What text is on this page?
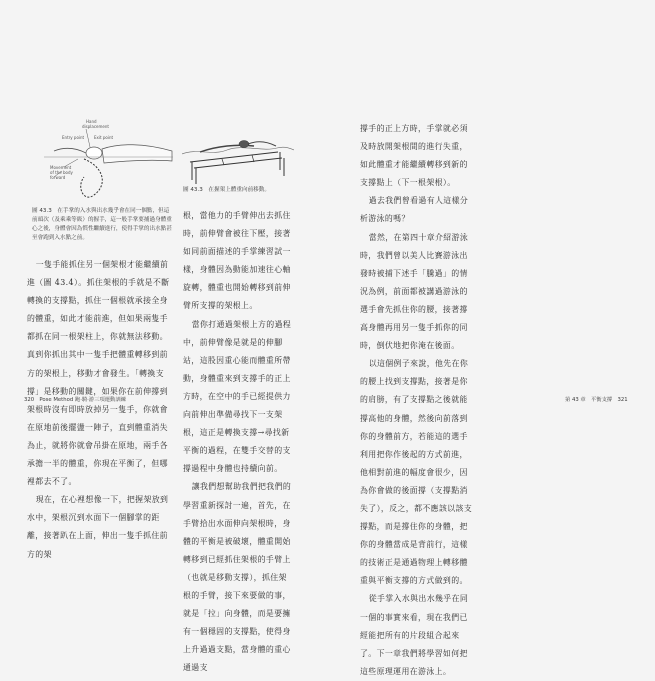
Hand
displacement
Entry point Exit point
Movement
of the body
forward
圖 43.3　在手掌的入水與出水幾乎會在同一個點，但這前頭次（及乘乘等級）的握手，這一般手掌要捕過身體重心之後，身體會因為慣性繼續進行，使得手掌的出水點甚至會跑到入水點之前。
圖 43.3　在握架上體重向前移動。

一隻手能抓住另一個架根才能繼續前進（圖 43.4）。抓住架根的手就是不斷轉換的支撐點，抓住一個根就承接全身的體重，如此才能前進，但如果兩隻手都抓在同一根架柱上，你就無法移動。真到你抓出其中一隻手把體重轉移到前方的架根上，移動才會發生。「轉換支撐」是移動的關鍵，如果你在前伸撐到架根時沒有即時放掉另一隻手，你就會在原地前後擺盪一陣子，直到體重消失為止，就將你就會吊掛在原地，兩手各承擔一半的體重，你現在平衡了，但哪裡都去不了。

現在，在心裡想像一下，把握架放到水中，架根沉到水面下一個腳掌的距離，接著趴在上面，伸出一隻手抓住前方的架

根，當他力的手臂伸出去抓住時，前伸臂會被往下壓，接著如同前面描述的手掌練習試一樣，身體因為動能加速往心軸旋轉，體重也開始轉移到前伸臂所支撐的架根上。

當你打通過架根上方的過程中，前伸臂像是就是的伸腳站，這股因重心能而體重所帶動，身體重來到支撐手的正上方時，在空中的手已經提供力向前伸出準備尋找下一支架根，這正是轉換支撐→尋找新平衡的過程，在雙手交替的支撐過程中身體也持續向前。

讓我們想幫助我們把我們的學習重新探討一遍，首先，在手臂拾出水面伸向架根時，身體的平衡是被破壞，體重開始轉移到已經抓住架根的手臂上（也就是移動支撐），抓住架根的手臂，接下來要做的事，就是「拉」向身體，而是要擁有一個穩固的支撐點，使得身上升過過支點，當身體的重心通過支

撐手的正上方時，手掌就必須及時放開架根間的進行失重，如此體重才能繼續轉移到新的支撐點上（下一根架根）。

過去我們曾看過有人這樣分析游泳的嗎？

當然，在第四十章介紹游泳時，我們曾以美人比賽游泳出發時被捕下述手「騰過」的情況為例，前面都被講過游泳的選手會先抓住你的腰，接著撐高身體再用另一隻手抓你的同時，倒伏地把你淹在後面。

以這個例子來說，他先在你的腰上找到支撐點，接著是你的肩膀，有了支撐點之後就能撐高他的身體，然後向前落到你的身體前方，若能這的選手利用把你作後起的方式前進，他相對前進的幅度會很少，因為你會做的後面撐（支撐點消失了），反之，都不應該以該支撐點，而是撐住你的身體，把你的身體當成是背前行，這樣的技術正是通過物理上轉移體重與平衡支撐的方式做到的。

從手掌入水與出水幾乎在同一個的事實來看，現在我們已經能把所有的片段組合起來了。下一章我們將學習如何把這些原理運用在游泳上。

320　Pose Method 跑‧騎‧游三項運動訓練	第 43 章　平衡支撐　321
